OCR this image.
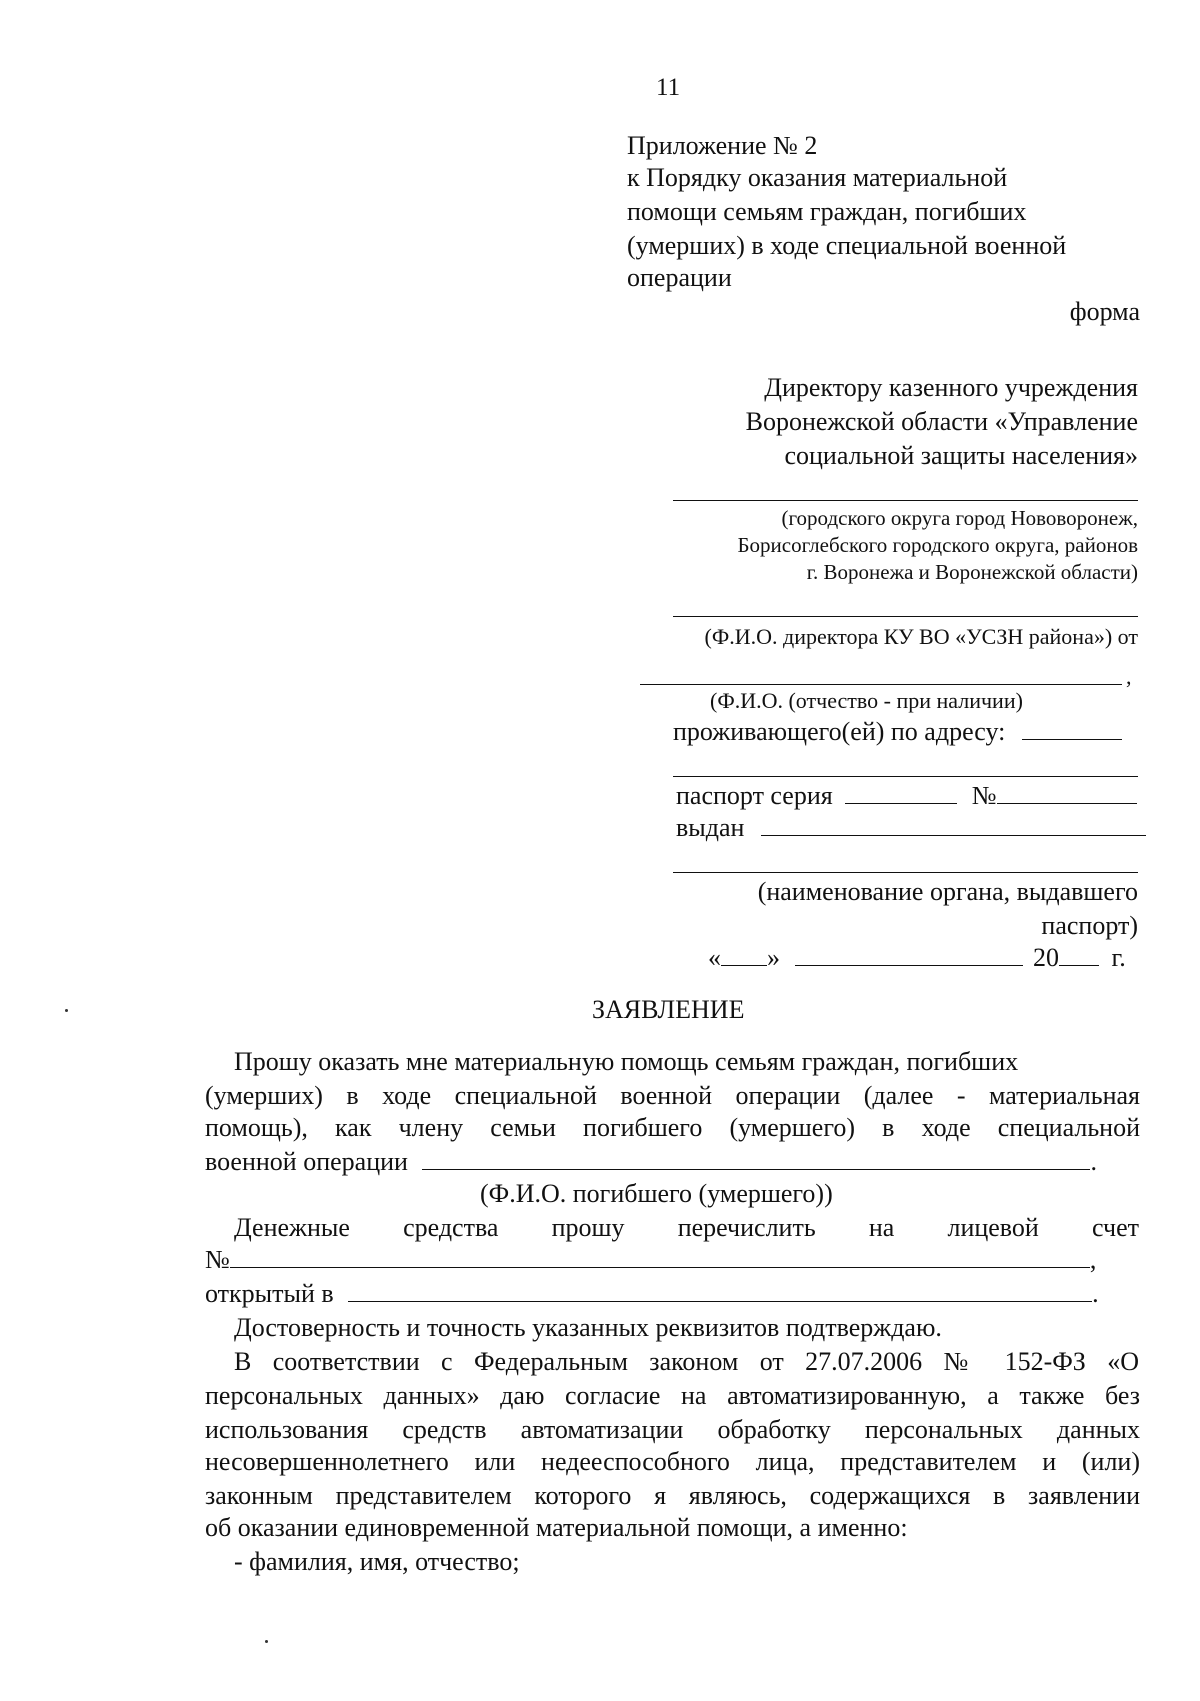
11
Приложение № 2
к Порядку оказания материальной
помощи семьям граждан, погибших
(умерших) в ходе специальной военной
операции
форма
Директору казенного учреждения
Воронежской области «Управление
социальной защиты населения»
(городского округа город Нововоронеж,
Борисоглебского городского округа, районов
г. Воронежа и Воронежской области)
(Ф.И.О. директора КУ ВО «УСЗН района») от
,
(Ф.И.О. (отчество - при наличии)
проживающего(ей) по адресу:
паспорт серия	№
выдан
(наименование органа, выдавшего
паспорт)
« »	20 г.
ЗАЯВЛЕНИЕ
Прошу оказать мне материальную помощь семьям граждан, погибших
(умерших) в ходе специальной военной операции (далее - материальная
помощь), как члену семьи погибшего (умершего) в ходе специальной
военной операции	.
(Ф.И.О. погибшего (умершего))
Денежные средства прошу перечислить на лицевой счет
№	,
открытый в	.
Достоверность и точность указанных реквизитов подтверждаю.
В соответствии с Федеральным законом от 27.07.2006 № 152-ФЗ «О
персональных данных» даю согласие на автоматизированную, а также без
использования средств автоматизации обработку персональных данных
несовершеннолетнего или недееспособного лица, представителем и (или)
законным представителем которого я являюсь, содержащихся в заявлении
об оказании единовременной материальной помощи, а именно:
- фамилия, имя, отчество;
